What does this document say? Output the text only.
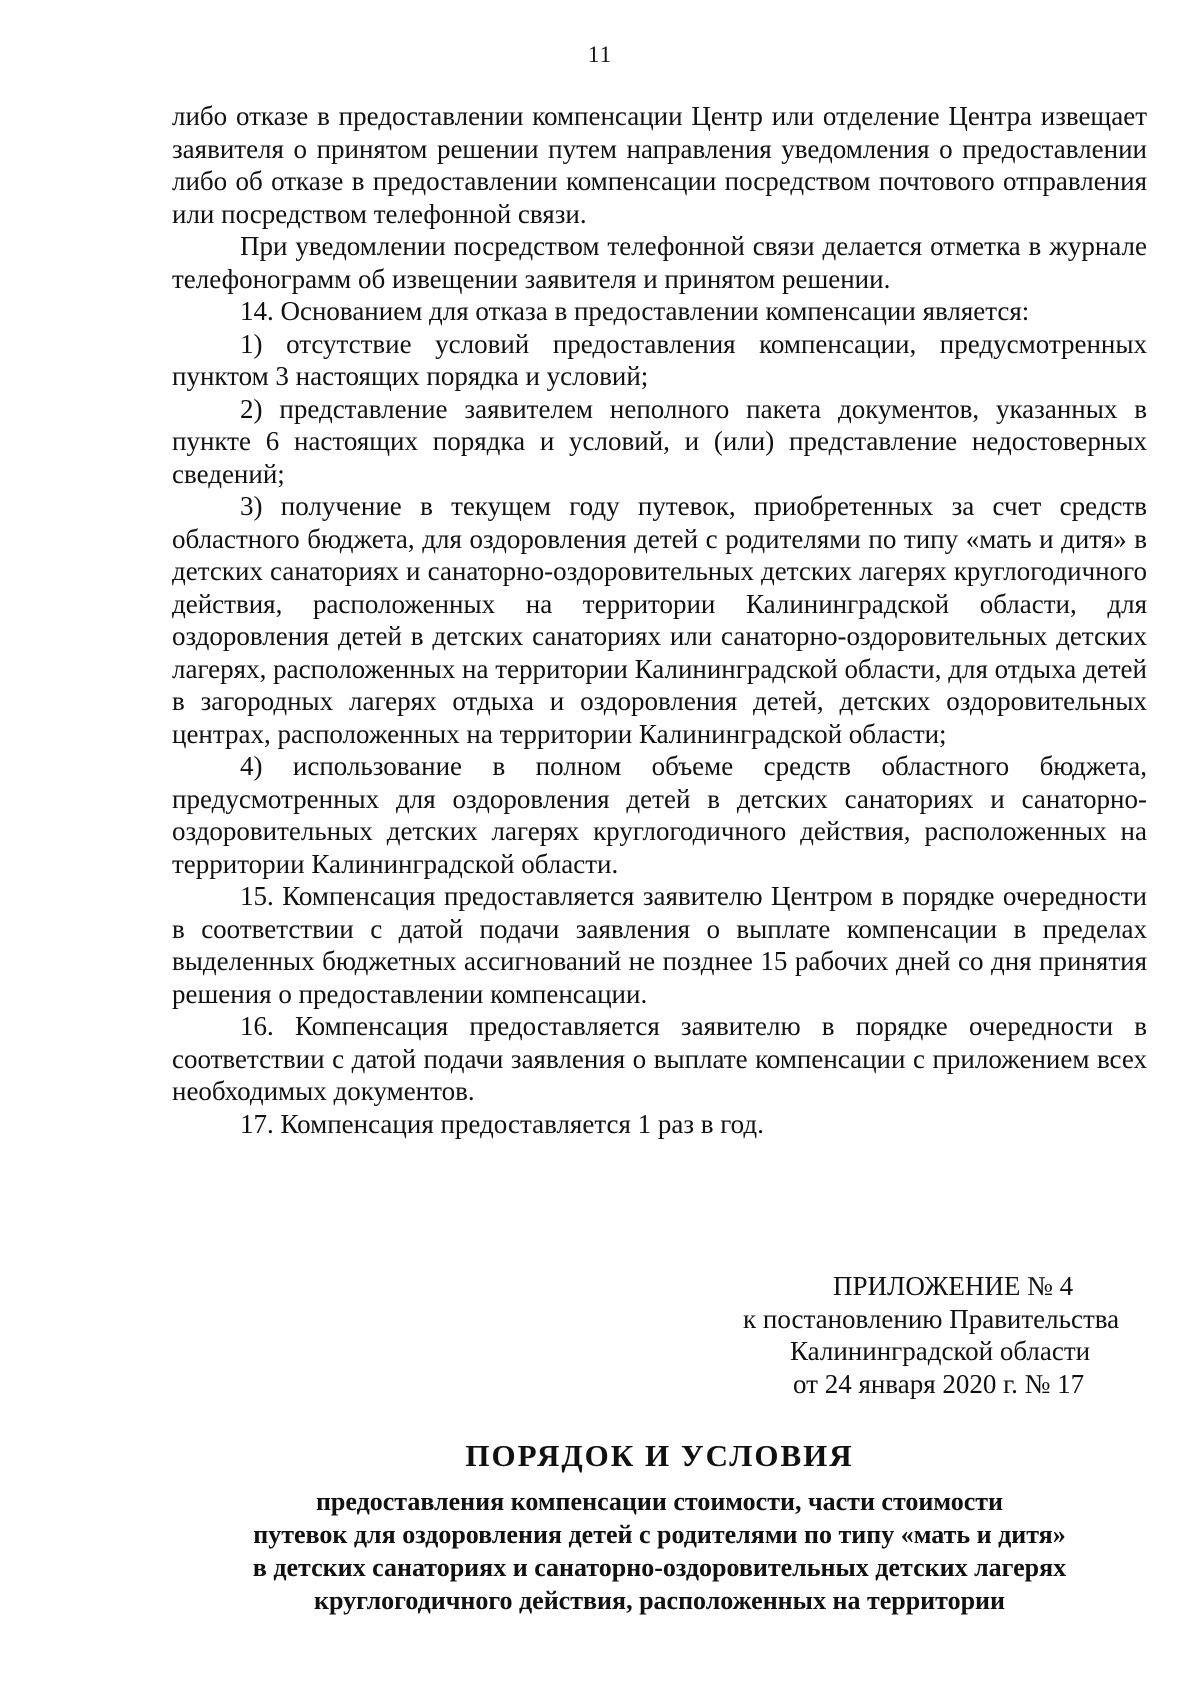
11

либо отказе в предоставлении компенсации Центр или отделение Центра извещает заявителя о принятом решении путем направления уведомления о предоставлении либо об отказе в предоставлении компенсации посредством почтового отправления или посредством телефонной связи.

При уведомлении посредством телефонной связи делается отметка в журнале телефонограмм об извещении заявителя и принятом решении.

14. Основанием для отказа в предоставлении компенсации является:

1) отсутствие условий предоставления компенсации, предусмотренных пунктом 3 настоящих порядка и условий;

2) представление заявителем неполного пакета документов, указанных в пункте 6 настоящих порядка и условий, и (или) представление недостоверных сведений;

3) получение в текущем году путевок, приобретенных за счет средств областного бюджета, для оздоровления детей с родителями по типу «мать и дитя» в детских санаториях и санаторно-оздоровительных детских лагерях круглогодичного действия, расположенных на территории Калининградской области, для оздоровления детей в детских санаториях или санаторно-оздоровительных детских лагерях, расположенных на территории Калининградской области, для отдыха детей в загородных лагерях отдыха и оздоровления детей, детских оздоровительных центрах, расположенных на территории Калининградской области;

4) использование в полном объеме средств областного бюджета, предусмотренных для оздоровления детей в детских санаториях и санаторно-оздоровительных детских лагерях круглогодичного действия, расположенных на территории Калининградской области.

15. Компенсация предоставляется заявителю Центром в порядке очередности в соответствии с датой подачи заявления о выплате компенсации в пределах выделенных бюджетных ассигнований не позднее 15 рабочих дней со дня принятия решения о предоставлении компенсации.

16. Компенсация предоставляется заявителю в порядке очередности в соответствии с датой подачи заявления о выплате компенсации с приложением всех необходимых документов.

17. Компенсация предоставляется 1 раз в год.

ПРИЛОЖЕНИЕ № 4
к постановлению Правительства
Калининградской области
от 24 января 2020 г. № 17
ПОРЯДОК И УСЛОВИЯ
предоставления компенсации стоимости, части стоимости
путевок для оздоровления детей с родителями по типу «мать и дитя»
в детских санаториях и санаторно-оздоровительных детских лагерях
круглогодичного действия, расположенных на территории
